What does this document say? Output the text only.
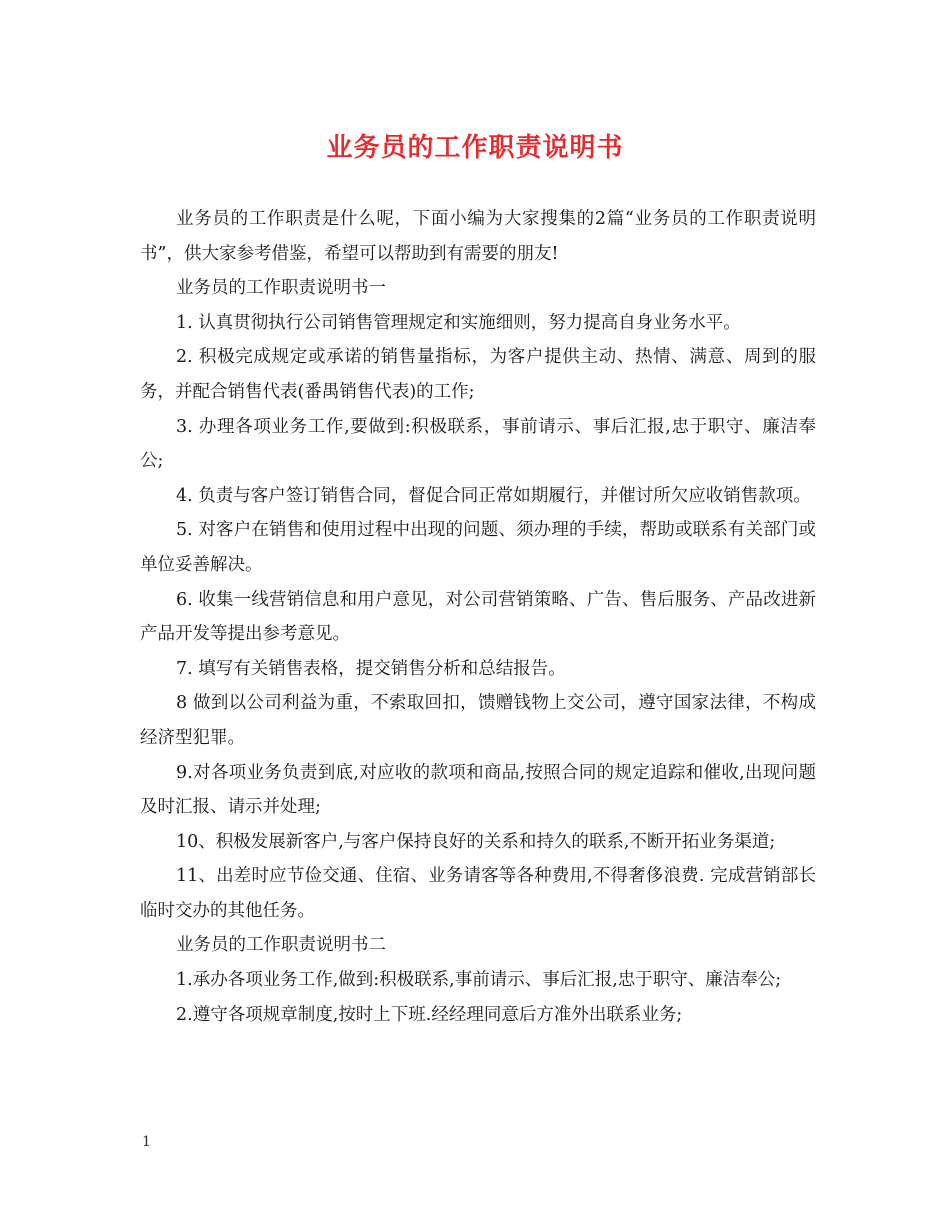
业务员的工作职责说明书

业务员的工作职责是什么呢，下面小编为大家搜集的2篇“业务员的工作职责说明书”，供大家参考借鉴，希望可以帮助到有需要的朋友!

业务员的工作职责说明书一

1. 认真贯彻执行公司销售管理规定和实施细则，努力提高自身业务水平。

2. 积极完成规定或承诺的销售量指标，为客户提供主动、热情、满意、周到的服务，并配合销售代表(番禺销售代表)的工作;

3. 办理各项业务工作,要做到:积极联系，事前请示、事后汇报,忠于职守、廉洁奉公;

4. 负责与客户签订销售合同，督促合同正常如期履行，并催讨所欠应收销售款项。

5. 对客户在销售和使用过程中出现的问题、须办理的手续，帮助或联系有关部门或单位妥善解决。

6. 收集一线营销信息和用户意见，对公司营销策略、广告、售后服务、产品改进新产品开发等提出参考意见。

7. 填写有关销售表格，提交销售分析和总结报告。

8 做到以公司利益为重，不索取回扣，馈赠钱物上交公司，遵守国家法律，不构成经济型犯罪。

9.对各项业务负责到底,对应收的款项和商品,按照合同的规定追踪和催收,出现问题及时汇报、请示并处理;

10、积极发展新客户,与客户保持良好的关系和持久的联系,不断开拓业务渠道;

11、出差时应节俭交通、住宿、业务请客等各种费用,不得奢侈浪费. 完成营销部长临时交办的其他任务。

业务员的工作职责说明书二

1.承办各项业务工作,做到:积极联系,事前请示、事后汇报,忠于职守、廉洁奉公;

2.遵守各项规章制度,按时上下班.经经理同意后方准外出联系业务;

1
